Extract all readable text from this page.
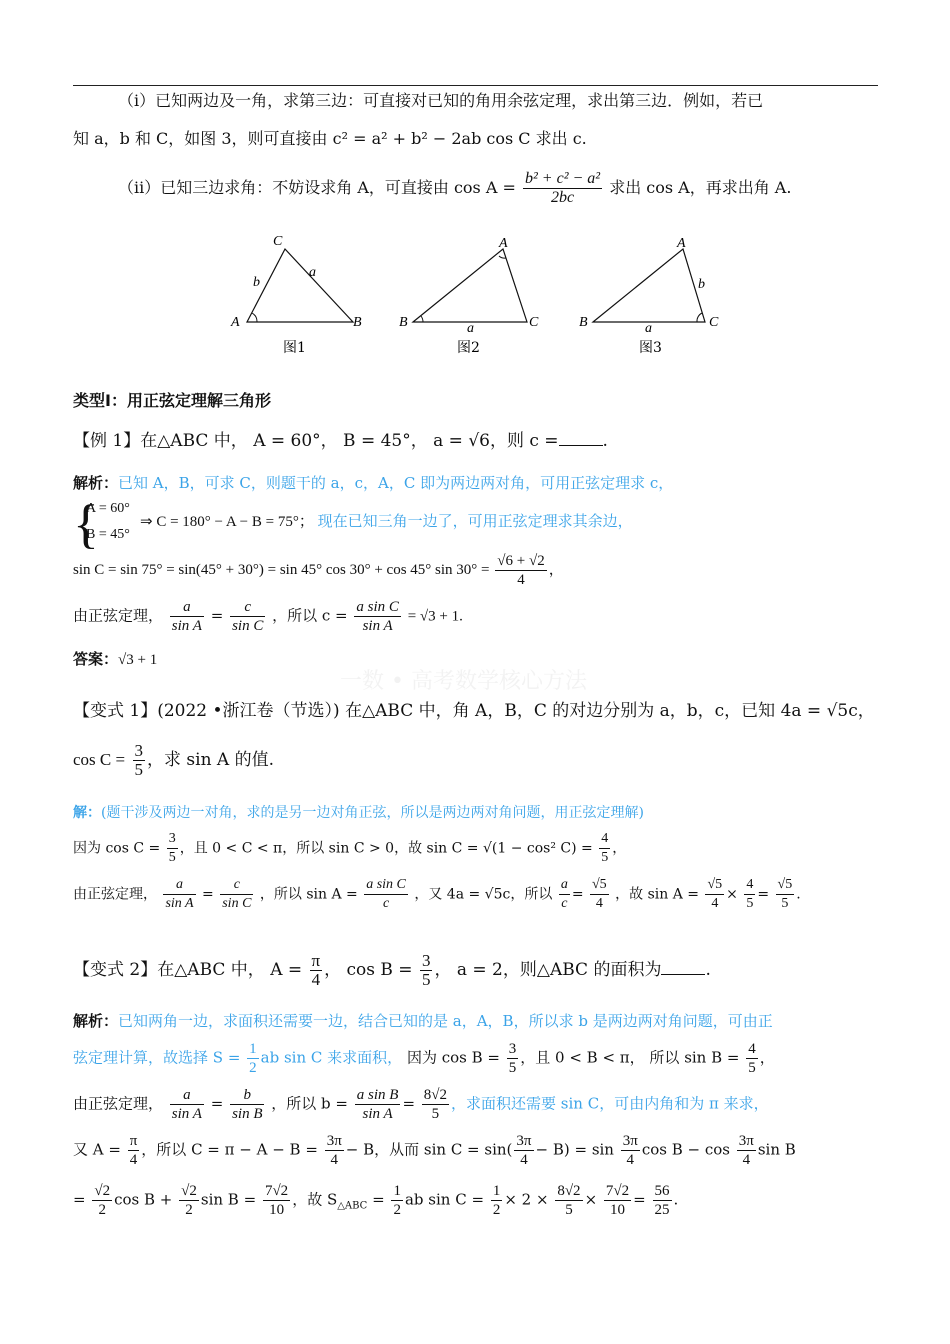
（i）已知两边及一角，求第三边：可直接对已知的角用余弦定理，求出第三边．例如，若已
知 a，b 和 C，如图 3，则可直接由 c² = a² + b² − 2ab cos C 求出 c.
（ii）已知三边求角：不妨设求角 A，可直接由 $\cos A = \frac{\text{b² + c² − a²}}{2bc}$ 求出 cos A，再求出角 A.
C
A	B
b
a
图1
A
B	C
a
图2
A
B	C
a
b
图3
类型Ⅰ：用正弦定理解三角形
【例 1】在△ABC 中， A = 60°， B = 45°， a = √6，则 c =	.
解析：已知 A，B，可求 C，则题干的 a，c，A，C 即为两边两对角，可用正弦定理求 c，
{
A = 60°
B = 45°
⇒ C = 180° − A − B = 75°； 现在已知三角一边了，可用正弦定理求其余边，
sin C = sin 75° = sin(45° + 30°) = sin 45° cos 30° + cos 45° $\sin 30^\circ = \frac{√6 + √2}{4}$ ，
由正弦定理， $\frac{a}{\text{sin A}} = \frac{c}{\text{sin C}}$ ，所以 $c = \frac{\text{a sin C}}{\text{sin A}} = √3 + 1$.
答案：√3 + 1
一数 • 高考数学核心方法
【变式 1】(2022 •浙江卷（节选）) 在△ABC 中，角 A，B，C 的对边分别为 a，b，c，已知 4a = √5c，
$\cos C = \frac{3}{5}$ ，求 sin A 的值.
解：(题干涉及两边一对角，求的是另一边对角正弦，所以是两边两对角问题，用正弦定理解)
因为 $\cos C = \frac{3}{5}$ ，且 0 < C < π，所以 sin C > 0，故 sin C = √(1 − cos² $C) = \frac{4}{5}$ ，
由正弦定理， $\frac{a}{\text{sin A}} = \frac{c}{\text{sin C}}$ ，所以 $\sin A = \frac{\text{a sin C}}{c}$ ，又 4a = √5c，所以 $\frac{a}{c} = \frac{√5}{4}$ ，故 $\sin A = \frac{√5}{4} \times \frac{4}{5} = \frac{√5}{5}$ .
【变式 2】在△ABC 中， $A = \frac{\pi}{4}$ ， $\cos B = \frac{3}{5}$ ， a = 2，则△ABC 的面积为	.
解析：已知两角一边，求面积还需要一边，结合已知的是 a，A，B，所以求 b 是两边两对角问题，可由正
弦定理计算，故选择 $S = \frac{1}{2}$ ab sin C 来求面积， 因为 $\cos B = \frac{3}{5}$ ，且 0 < B < π， 所以 $\sin B = \frac{4}{5}$ ，
由正弦定理， $\frac{a}{\text{sin A}} = \frac{b}{\text{sin B}}$ ，所以 $b = \frac{\text{a sin B}}{\text{sin A}} = \frac{8√2}{5}$ ，求面积还需要 sin C，可由内角和为 π 来求，
又 $A = \frac{\pi}{4}$ ，所以 $C = \pi - A - B = \frac{3\pi}{4} - B$，从而 $\sin C = \sin( \frac{3\pi}{4} - B) = \sin \frac{3\pi}{4}$ $\cos B - \cos \frac{3\pi}{4}$ sin B
= $\frac{√2}{2}$ $\cos B + \frac{√2}{2}$ $\sin B = \frac{7√2}{10}$ ，故 $S_{\triangle ABC} = \frac{1}{2}$ ab $\sin C = \frac{1}{2} \times 2 \times \frac{8√2}{5} \times \frac{7√2}{10} = \frac{56}{25}$ .
